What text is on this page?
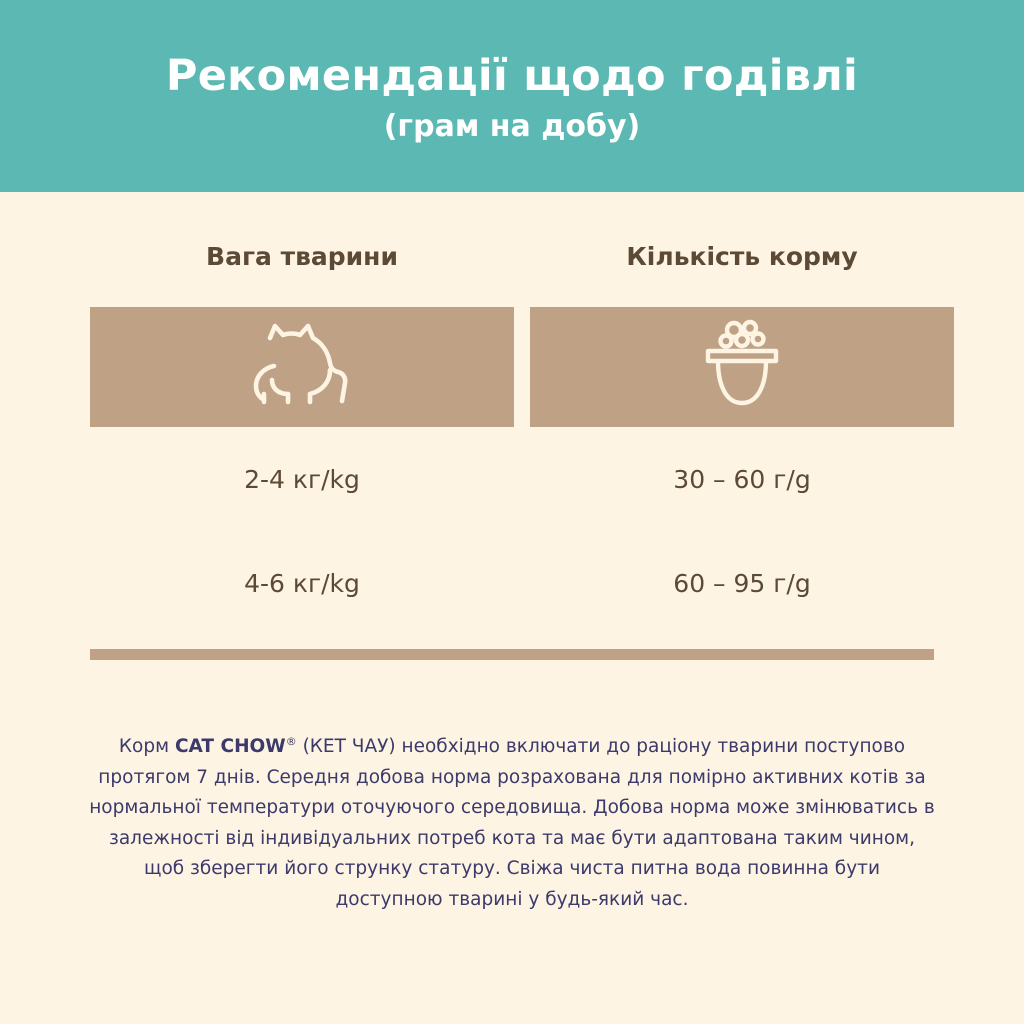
Рекомендації щодо годівлі
(грам на добу)
Вага тварини	Кількість корму
2-4 кг/kg	30 – 60 г/g
4-6 кг/kg	60 – 95 г/g
Корм CAT CHOW® (КЕТ ЧАУ) необхідно включати до раціону тварини поступово протягом 7 днів. Середня добова норма розрахована для помірно активних котів за нормальної температури оточуючого середовища. Добова норма може змінюватись в залежності від індивідуальних потреб кота та має бути адаптована таким чином, щоб зберегти його струнку статуру. Свіжа чиста питна вода повинна бути доступною тварині у будь-який час.
